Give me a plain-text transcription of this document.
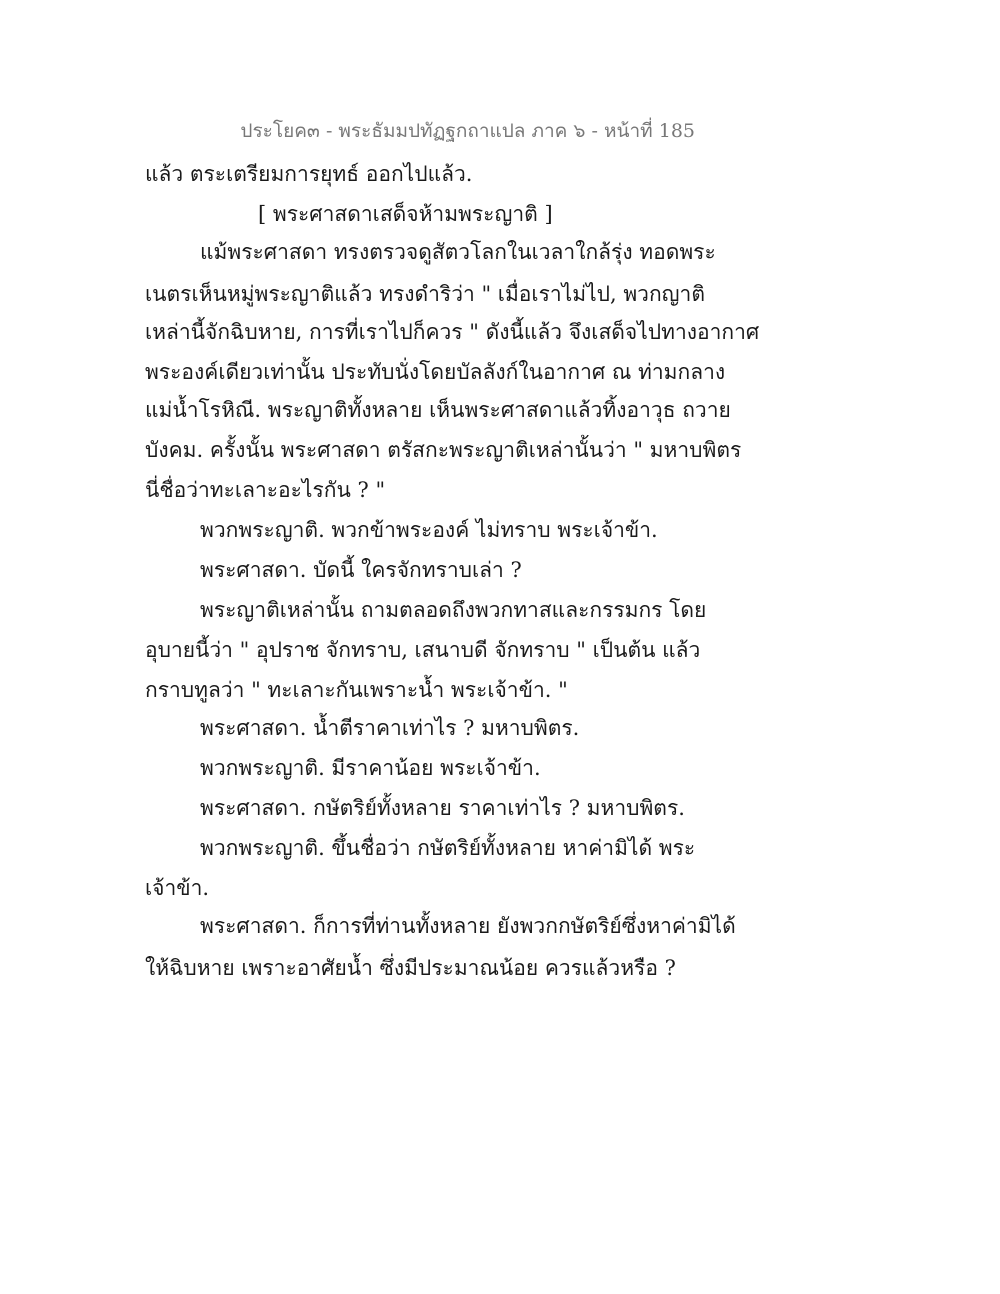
ประโยค๓ - พระธัมมปทัฏฐกถาแปล ภาค ๖ - หน้าที่ 185
แล้ว ตระเตรียมการยุทธ์ ออกไปแล้ว.
[ พระศาสดาเสด็จห้ามพระญาติ ]
แม้พระศาสดา ทรงตรวจดูสัตวโลกในเวลาใกล้รุ่ง ทอดพระ
เนตรเห็นหมู่พระญาติแล้ว ทรงดำริว่า " เมื่อเราไม่ไป, พวกญาติ
เหล่านี้จักฉิบหาย, การที่เราไปก็ควร " ดังนี้แล้ว จึงเสด็จไปทางอากาศ
พระองค์เดียวเท่านั้น ประทับนั่งโดยบัลลังก์ในอากาศ ณ ท่ามกลาง
แม่น้ำโรหิณี. พระญาติทั้งหลาย เห็นพระศาสดาแล้วทิ้งอาวุธ ถวาย
บังคม. ครั้งนั้น พระศาสดา ตรัสกะพระญาติเหล่านั้นว่า " มหาบพิตร
นี่ชื่อว่าทะเลาะอะไรกัน ? "
พวกพระญาติ. พวกข้าพระองค์ ไม่ทราบ พระเจ้าข้า.
พระศาสดา. บัดนี้ ใครจักทราบเล่า ?
พระญาติเหล่านั้น ถามตลอดถึงพวกทาสและกรรมกร โดย
อุบายนี้ว่า " อุปราช จักทราบ, เสนาบดี จักทราบ " เป็นต้น แล้ว
กราบทูลว่า " ทะเลาะกันเพราะน้ำ พระเจ้าข้า. "
พระศาสดา. น้ำตีราคาเท่าไร ? มหาบพิตร.
พวกพระญาติ. มีราคาน้อย พระเจ้าข้า.
พระศาสดา. กษัตริย์ทั้งหลาย ราคาเท่าไร ? มหาบพิตร.
พวกพระญาติ. ขึ้นชื่อว่า กษัตริย์ทั้งหลาย หาค่ามิได้ พระ
เจ้าข้า.
พระศาสดา. ก็การที่ท่านทั้งหลาย ยังพวกกษัตริย์ซึ่งหาค่ามิได้
ให้ฉิบหาย เพราะอาศัยน้ำ ซึ่งมีประมาณน้อย ควรแล้วหรือ ?
